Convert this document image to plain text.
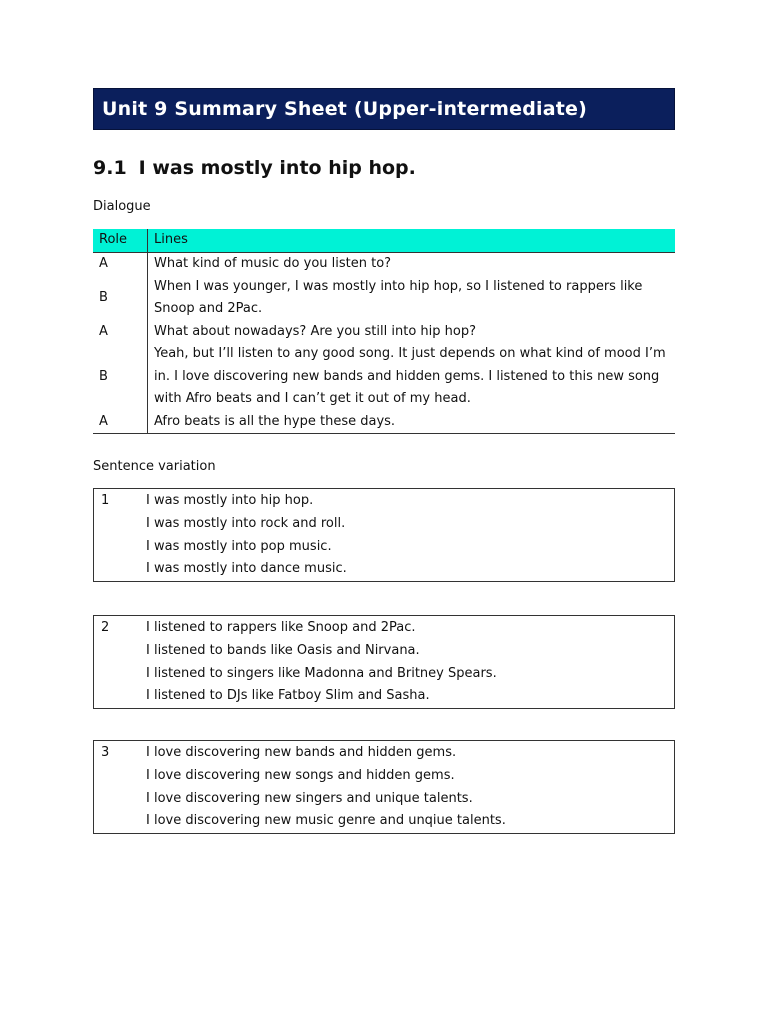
Unit 9 Summary Sheet (Upper-intermediate)
9.1 I was mostly into hip hop.
Dialogue
Role	Lines
A	What kind of music do you listen to?
B	When I was younger, I was mostly into hip hop, so I listened to rappers like Snoop and 2Pac.
A	What about nowadays? Are you still into hip hop?
B	Yeah, but I’ll listen to any good song. It just depends on what kind of mood I’m in. I love discovering new bands and hidden gems. I listened to this new song with Afro beats and I can’t get it out of my head.
A	Afro beats is all the hype these days.
Sentence variation
1	I was mostly into hip hop.
I was mostly into rock and roll.
I was mostly into pop music.
I was mostly into dance music.
2	I listened to rappers like Snoop and 2Pac.
I listened to bands like Oasis and Nirvana.
I listened to singers like Madonna and Britney Spears.
I listened to DJs like Fatboy Slim and Sasha.
3	I love discovering new bands and hidden gems.
I love discovering new songs and hidden gems.
I love discovering new singers and unique talents.
I love discovering new music genre and unqiue talents.
